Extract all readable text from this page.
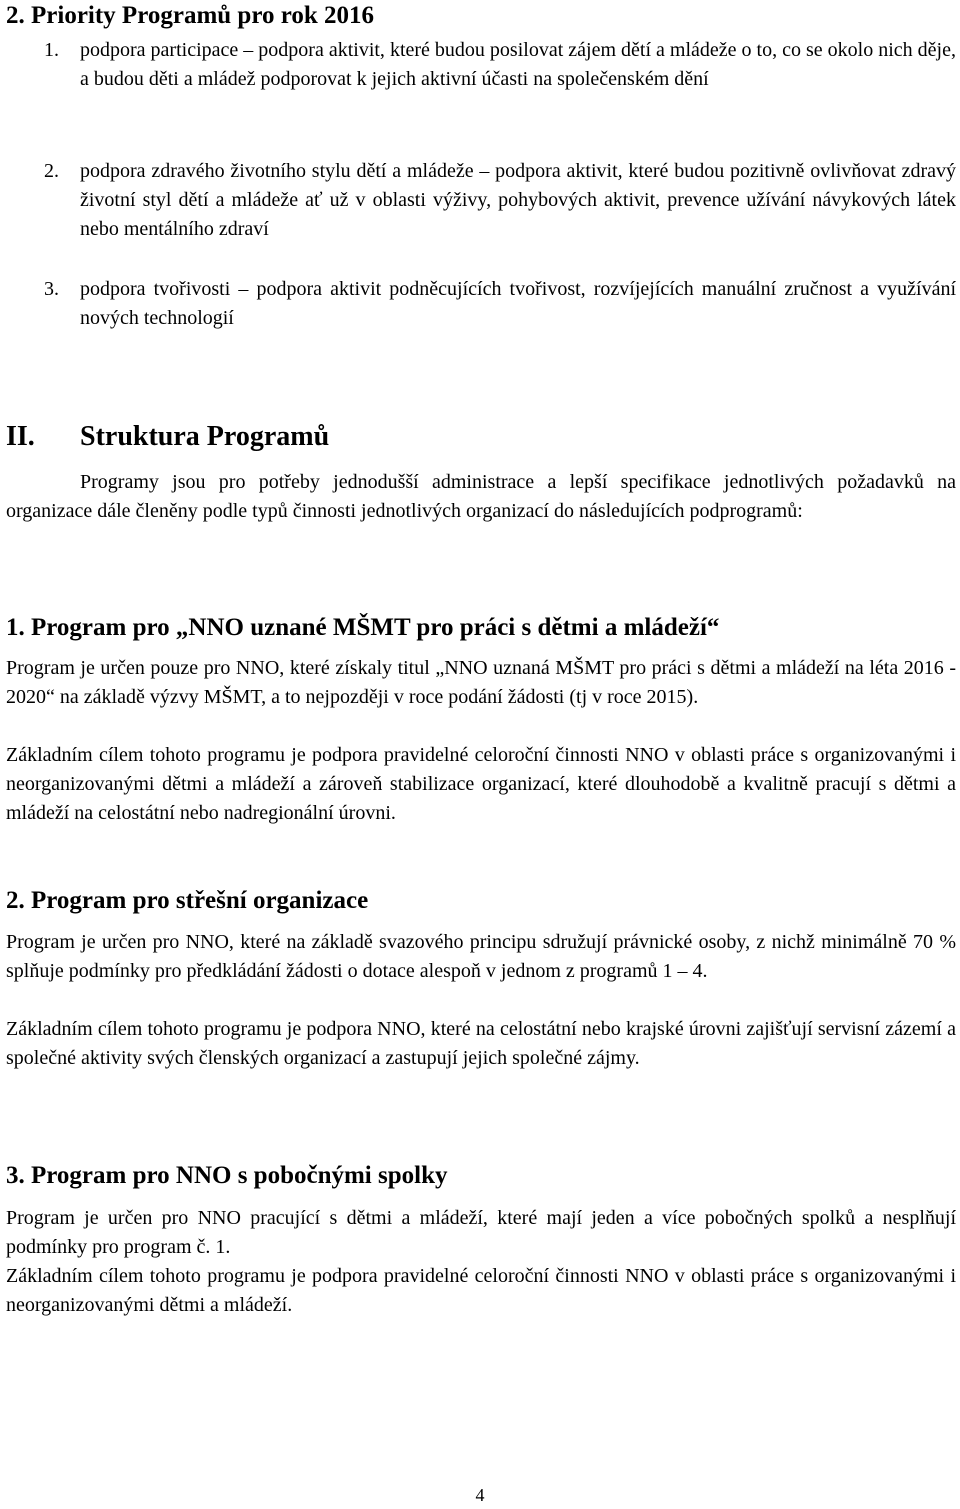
2. Priority Programů pro rok 2016
1.	podpora participace – podpora aktivit, které budou posilovat zájem dětí a mládeže o to, co se okolo nich děje, a budou děti a mládež podporovat k jejich aktivní účasti na společenském dění
2.	podpora zdravého životního stylu dětí a mládeže – podpora aktivit, které budou pozitivně ovlivňovat zdravý životní styl dětí a mládeže ať už v oblasti výživy, pohybových aktivit, prevence užívání návykových látek nebo mentálního zdraví
3.	podpora tvořivosti – podpora aktivit podněcujících tvořivost, rozvíjejících manuální zručnost a využívání nových technologií
II. Struktura Programů
Programy jsou pro potřeby jednodušší administrace a lepší specifikace jednotlivých požadavků na organizace dále členěny podle typů činnosti jednotlivých organizací do následujících podprogramů:
1. Program pro „NNO uznané MŠMT pro práci s dětmi a mládeží“
Program je určen pouze pro NNO, které získaly titul „NNO uznaná MŠMT pro práci s dětmi a mládeží na léta 2016 - 2020“ na základě výzvy MŠMT, a to nejpozději v roce podání žádosti (tj v roce 2015).
Základním cílem tohoto programu je podpora pravidelné celoroční činnosti NNO v oblasti práce s organizovanými i neorganizovanými dětmi a mládeží a zároveň stabilizace organizací, které dlouhodobě a kvalitně pracují s dětmi a mládeží na celostátní nebo nadregionální úrovni.
2. Program pro střešní organizace
Program je určen pro NNO, které na základě svazového principu sdružují právnické osoby, z nichž minimálně 70 % splňuje podmínky pro předkládání žádosti o dotace alespoň v jednom z programů 1 – 4.
Základním cílem tohoto programu je podpora NNO, které na celostátní nebo krajské úrovni zajišťují servisní zázemí a společné aktivity svých členských organizací a zastupují jejich společné zájmy.
3. Program pro NNO s pobočnými spolky
Program je určen pro NNO pracující s dětmi a mládeží, které mají jeden a více pobočných spolků a nesplňují podmínky pro program č. 1.
Základním cílem tohoto programu je podpora pravidelné celoroční činnosti NNO v oblasti práce s organizovanými i neorganizovanými dětmi a mládeží.
4
